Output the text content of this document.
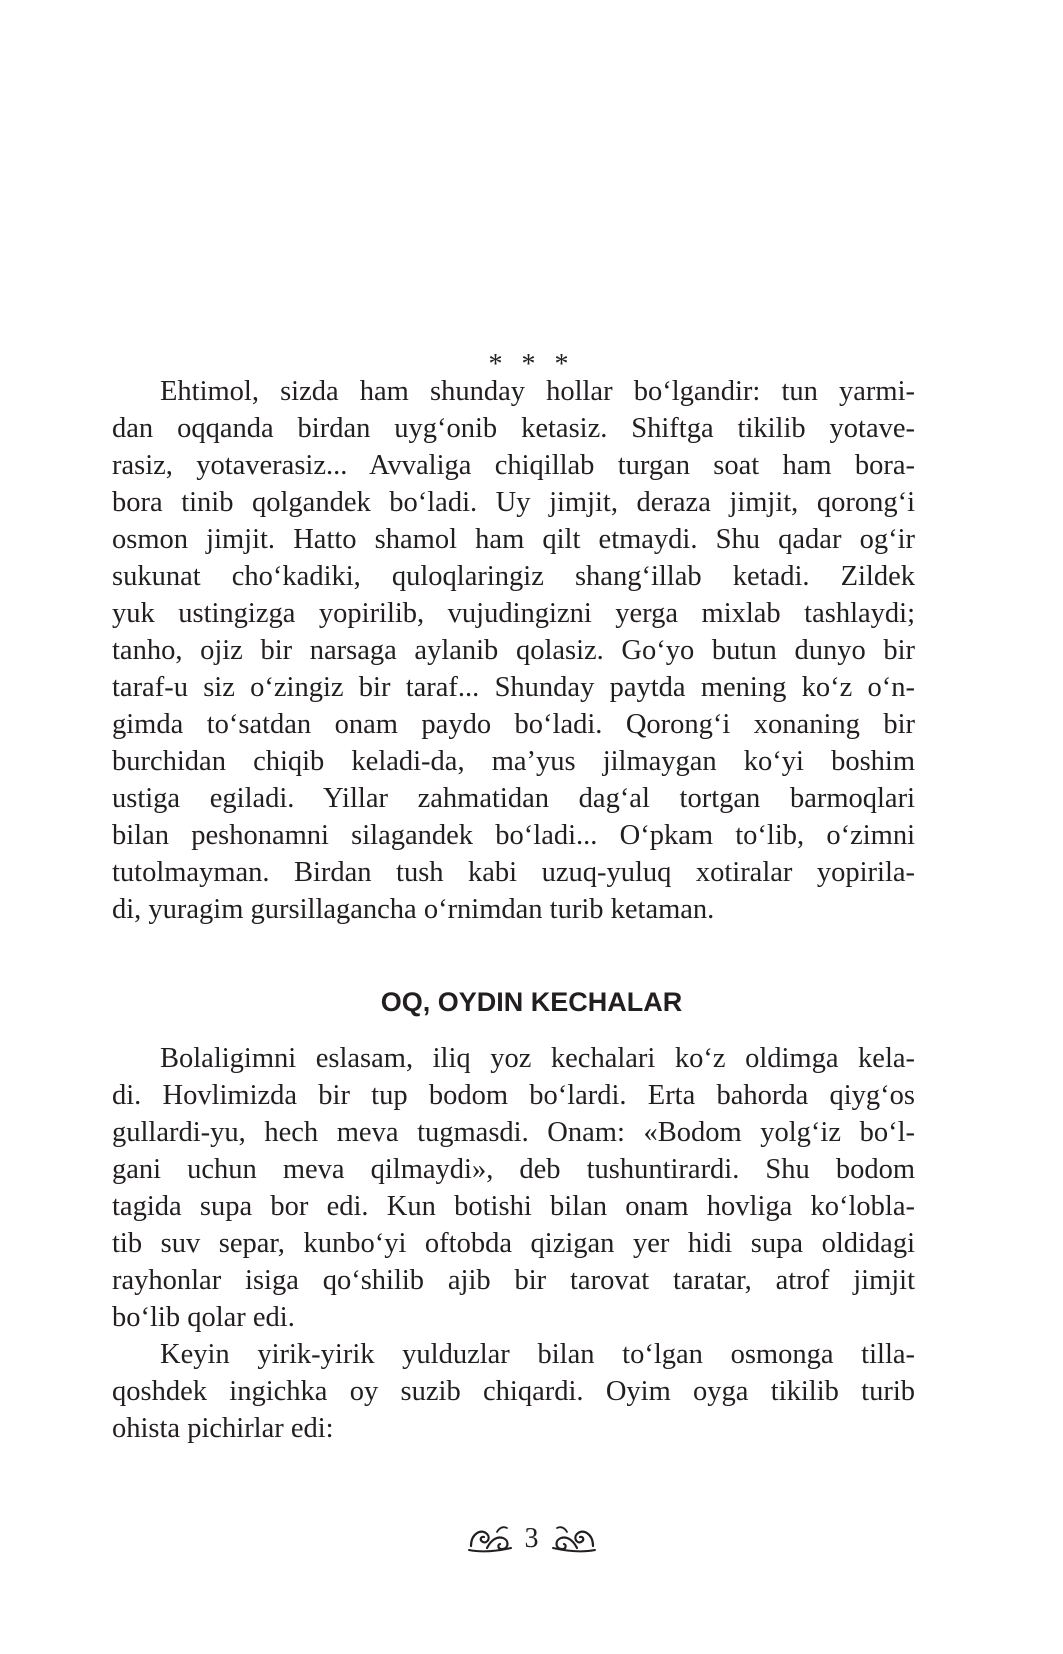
* * *
Ehtimol, sizda ham shunday hollar bo‘lgandir: tun yarmi-
dan oqqanda birdan uyg‘onib ketasiz. Shiftga tikilib yotave-
rasiz, yotaverasiz... Avvaliga chiqillab turgan soat ham bora-
bora tinib qolgandek bo‘ladi. Uy jimjit, deraza jimjit, qorong‘i
osmon jimjit. Hatto shamol ham qilt etmaydi. Shu qadar og‘ir
sukunat cho‘kadiki, quloqlaringiz shang‘illab ketadi. Zildek
yuk ustingizga yopirilib, vujudingizni yerga mixlab tashlaydi;
tanho, ojiz bir narsaga aylanib qolasiz. Go‘yo butun dunyo bir
taraf-u siz o‘zingiz bir taraf... Shunday paytda mening ko‘z o‘n-
gimda to‘satdan onam paydo bo‘ladi. Qorong‘i xonaning bir
burchidan chiqib keladi-da, ma’yus jilmaygan ko‘yi boshim
ustiga egiladi. Yillar zahmatidan dag‘al tortgan barmoqlari
bilan peshonamni silagandek bo‘ladi... O‘pkam to‘lib, o‘zimni
tutolmayman. Birdan tush kabi uzuq-yuluq xotiralar yopirila-
di, yuragim gursillagancha o‘rnimdan turib ketaman.
OQ, OYDIN KECHALAR
Bolaligimni eslasam, iliq yoz kechalari ko‘z oldimga kela-
di. Hovlimizda bir tup bodom bo‘lardi. Erta bahorda qiyg‘os
gullardi-yu, hech meva tugmasdi. Onam: «Bodom yolg‘iz bo‘l-
gani uchun meva qilmaydi», deb tushuntirardi. Shu bodom
tagida supa bor edi. Kun botishi bilan onam hovliga ko‘lobla-
tib suv separ, kunbo‘yi oftobda qizigan yer hidi supa oldidagi
rayhonlar isiga qo‘shilib ajib bir tarovat taratar, atrof jimjit
bo‘lib qolar edi.
Keyin yirik-yirik yulduzlar bilan to‘lgan osmonga tilla-
qoshdek ingichka oy suzib chiqardi. Oyim oyga tikilib turib
ohista pichirlar edi:
3
